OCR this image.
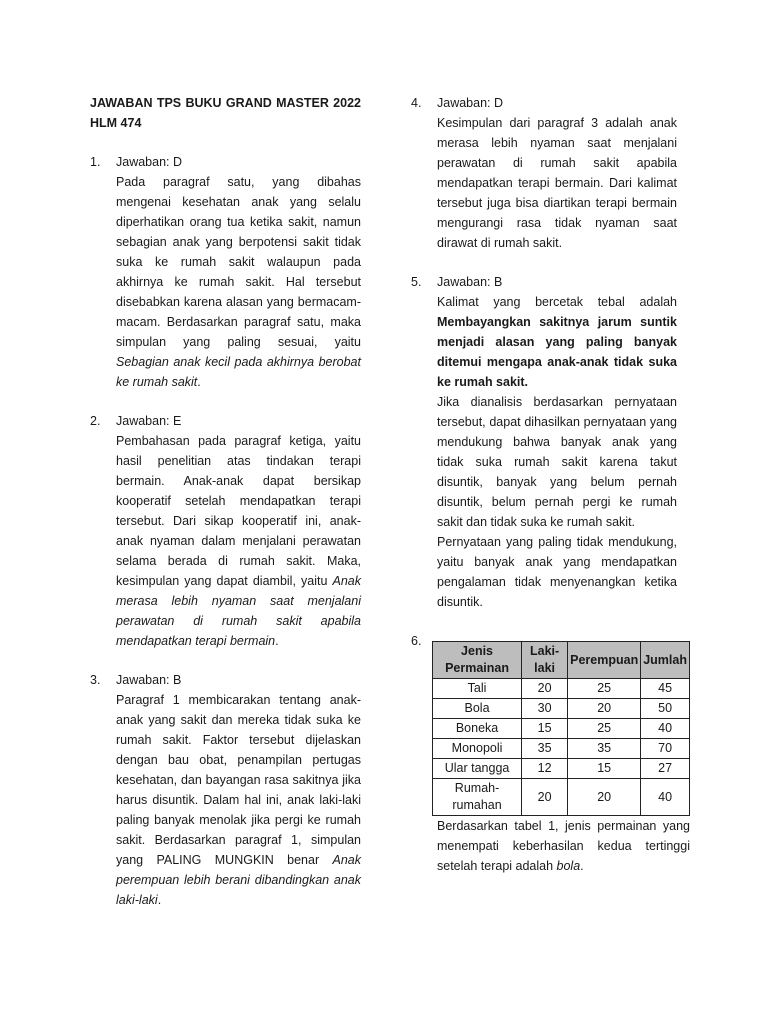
JAWABAN TPS BUKU GRAND MASTER 2022 HLM 474
1.	Jawaban: D

Pada paragraf satu, yang dibahas mengenai kesehatan anak yang selalu diperhatikan orang tua ketika sakit, namun sebagian anak yang berpotensi sakit tidak suka ke rumah sakit walaupun pada akhirnya ke rumah sakit. Hal tersebut disebabkan karena alasan yang bermacam-macam. Berdasarkan paragraf satu, maka simpulan yang paling sesuai, yaitu Sebagian anak kecil pada akhirnya berobat ke rumah sakit.

2.	Jawaban: E

Pembahasan pada paragraf ketiga, yaitu hasil penelitian atas tindakan terapi bermain. Anak-anak dapat bersikap kooperatif setelah mendapatkan terapi tersebut. Dari sikap kooperatif ini, anak-anak nyaman dalam menjalani perawatan selama berada di rumah sakit. Maka, kesimpulan yang dapat diambil, yaitu Anak merasa lebih nyaman saat menjalani perawatan di rumah sakit apabila mendapatkan terapi bermain.

3.	Jawaban: B

Paragraf 1 membicarakan tentang anak-anak yang sakit dan mereka tidak suka ke rumah sakit. Faktor tersebut dijelaskan dengan bau obat, penampilan pertugas kesehatan, dan bayangan rasa sakitnya jika harus disuntik. Dalam hal ini, anak laki-laki paling banyak menolak jika pergi ke rumah sakit. Berdasarkan paragraf 1, simpulan yang PALING MUNGKIN benar Anak perempuan lebih berani dibandingkan anak laki-laki.

4.	Jawaban: D

Kesimpulan dari paragraf 3 adalah anak merasa lebih nyaman saat menjalani perawatan di rumah sakit apabila mendapatkan terapi bermain. Dari kalimat tersebut juga bisa diartikan terapi bermain mengurangi rasa tidak nyaman saat dirawat di rumah sakit.

5.	Jawaban: B

Kalimat yang bercetak tebal adalah Membayangkan sakitnya jarum suntik menjadi alasan yang paling banyak ditemui mengapa anak-anak tidak suka ke rumah sakit.

Jika dianalisis berdasarkan pernyataan tersebut, dapat dihasilkan pernyataan yang mendukung bahwa banyak anak yang tidak suka rumah sakit karena takut disuntik, banyak yang belum pernah disuntik, belum pernah pergi ke rumah sakit dan tidak suka ke rumah sakit.

Pernyataan yang paling tidak mendukung, yaitu banyak anak yang mendapatkan pengalaman tidak menyenangkan ketika disuntik.

6.
Jenis Permainan	Laki-laki	Perempuan	Jumlah
Tali	20	25	45
Bola	30	20	50
Boneka	15	25	40
Monopoli	35	35	70
Ular tangga	12	15	27
Rumah-rumahan	20	20	40

Berdasarkan tabel 1, jenis permainan yang menempati keberhasilan kedua tertinggi setelah terapi adalah bola.
